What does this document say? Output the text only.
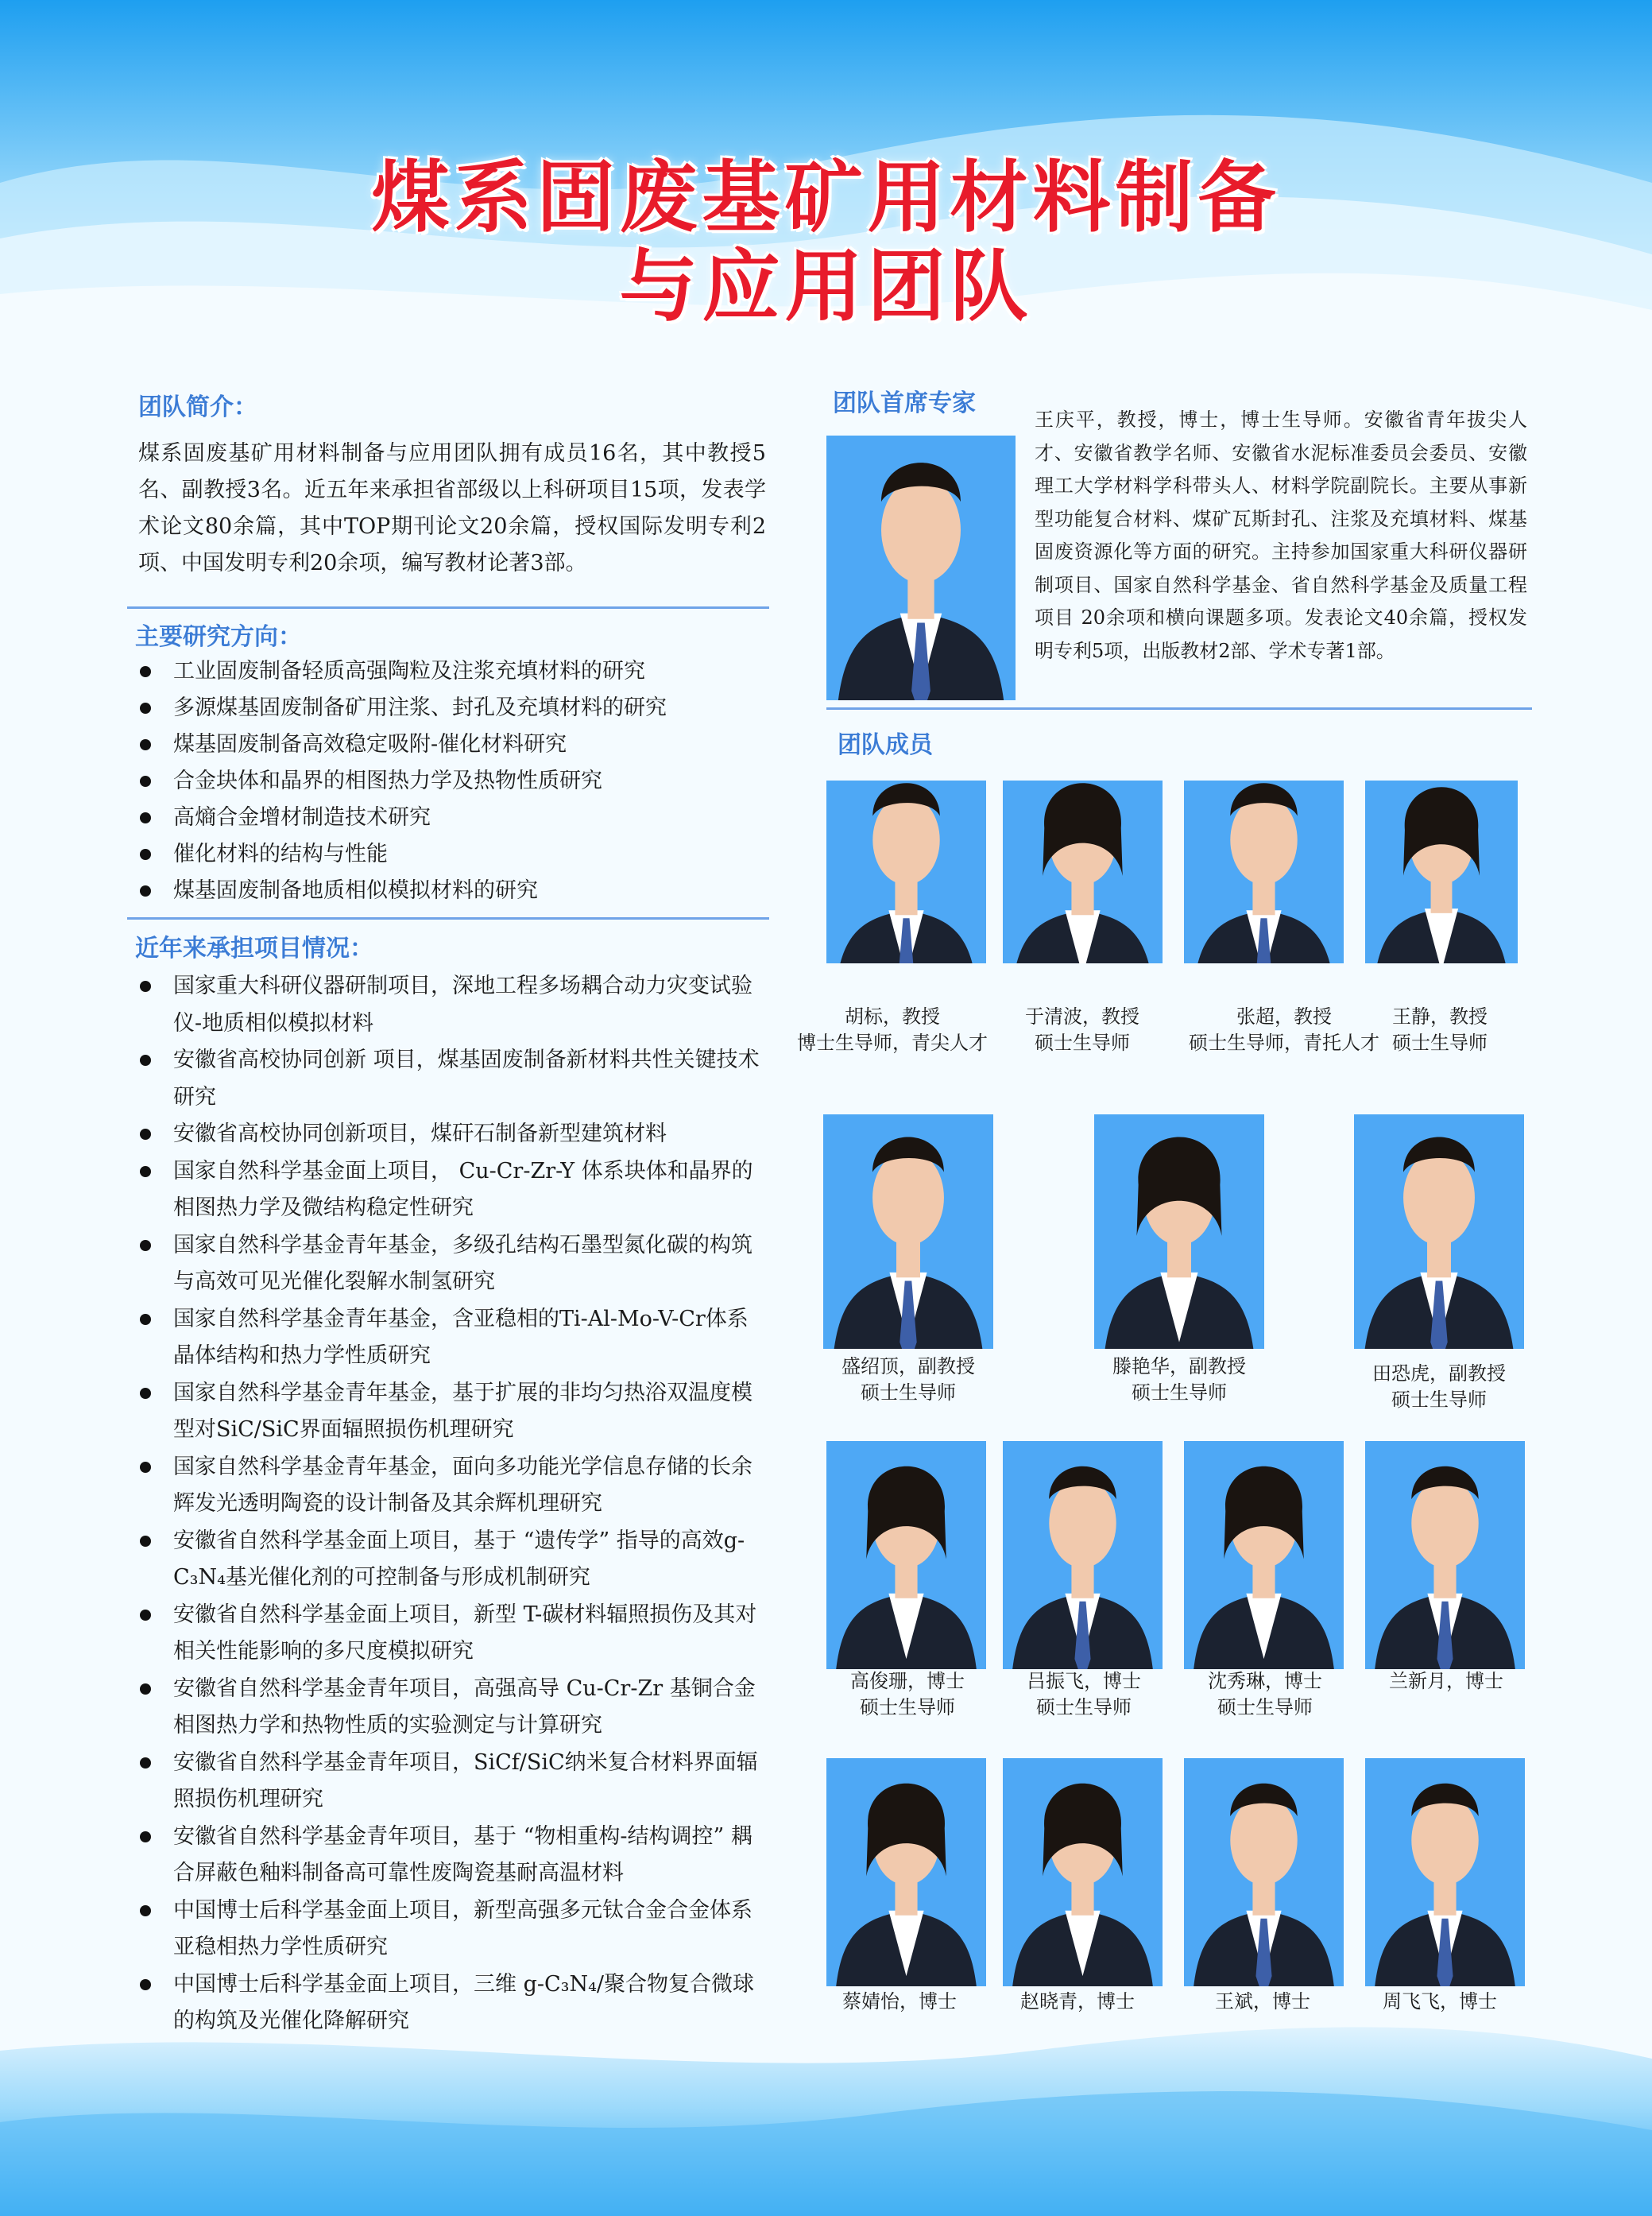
煤系固废基矿用材料制备
与应用团队
团队简介：
煤系固废基矿用材料制备与应用团队拥有成员16名，其中教授5名、副教授3名。近五年来承担省部级以上科研项目15项，发表学术论文80余篇，其中TOP期刊论文20余篇，授权国际发明专利2项、中国发明专利20余项，编写教材论著3部。
主要研究方向：
工业固废制备轻质高强陶粒及注浆充填材料的研究
多源煤基固废制备矿用注浆、封孔及充填材料的研究
煤基固废制备高效稳定吸附-催化材料研究
合金块体和晶界的相图热力学及热物性质研究
高熵合金增材制造技术研究
催化材料的结构与性能
煤基固废制备地质相似模拟材料的研究
近年来承担项目情况：
国家重大科研仪器研制项目，深地工程多场耦合动力灾变试验仪-地质相似模拟材料
安徽省高校协同创新 项目，煤基固废制备新材料共性关键技术研究
安徽省高校协同创新项目，煤矸石制备新型建筑材料
国家自然科学基金面上项目， Cu-Cr-Zr-Y 体系块体和晶界的相图热力学及微结构稳定性研究
国家自然科学基金青年基金，多级孔结构石墨型氮化碳的构筑与高效可见光催化裂解水制氢研究
国家自然科学基金青年基金，含亚稳相的Ti-Al-Mo-V-Cr体系晶体结构和热力学性质研究
国家自然科学基金青年基金，基于扩展的非均匀热浴双温度模型对SiC/SiC界面辐照损伤机理研究
国家自然科学基金青年基金，面向多功能光学信息存储的长余辉发光透明陶瓷的设计制备及其余辉机理研究
安徽省自然科学基金面上项目，基于 “遗传学” 指导的高效g-C₃N₄基光催化剂的可控制备与形成机制研究
安徽省自然科学基金面上项目，新型 T-碳材料辐照损伤及其对相关性能影响的多尺度模拟研究
安徽省自然科学基金青年项目，高强高导 Cu-Cr-Zr 基铜合金相图热力学和热物性质的实验测定与计算研究
安徽省自然科学基金青年项目，SiCf/SiC纳米复合材料界面辐照损伤机理研究
安徽省自然科学基金青年项目，基于 “物相重构-结构调控” 耦合屏蔽色釉料制备高可靠性废陶瓷基耐高温材料
中国博士后科学基金面上项目，新型高强多元钛合金合金体系亚稳相热力学性质研究
中国博士后科学基金面上项目，三维 g-C₃N₄/聚合物复合微球的构筑及光催化降解研究
团队首席专家
王庆平，教授，博士，博士生导师。安徽省青年拔尖人才、安徽省教学名师、安徽省水泥标准委员会委员、安徽理工大学材料学科带头人、材料学院副院长。主要从事新型功能复合材料、煤矿瓦斯封孔、注浆及充填材料、煤基固废资源化等方面的研究。主持参加国家重大科研仪器研制项目、国家自然科学基金、省自然科学基金及质量工程项目 20余项和横向课题多项。发表论文40余篇，授权发明专利5项，出版教材2部、学术专著1部。
团队成员
胡标，教授
博士生导师，青尖人才
于清波，教授
硕士生导师
张超，教授
硕士生导师，青托人才
王静，教授
硕士生导师
盛绍顶，副教授
硕士生导师
滕艳华，副教授
硕士生导师
田恐虎，副教授
硕士生导师
高俊珊，博士
硕士生导师
吕振飞，博士
硕士生导师
沈秀琳，博士
硕士生导师
兰新月，博士
蔡婧怡，博士	赵晓青，博士	王斌，博士	周飞飞，博士
